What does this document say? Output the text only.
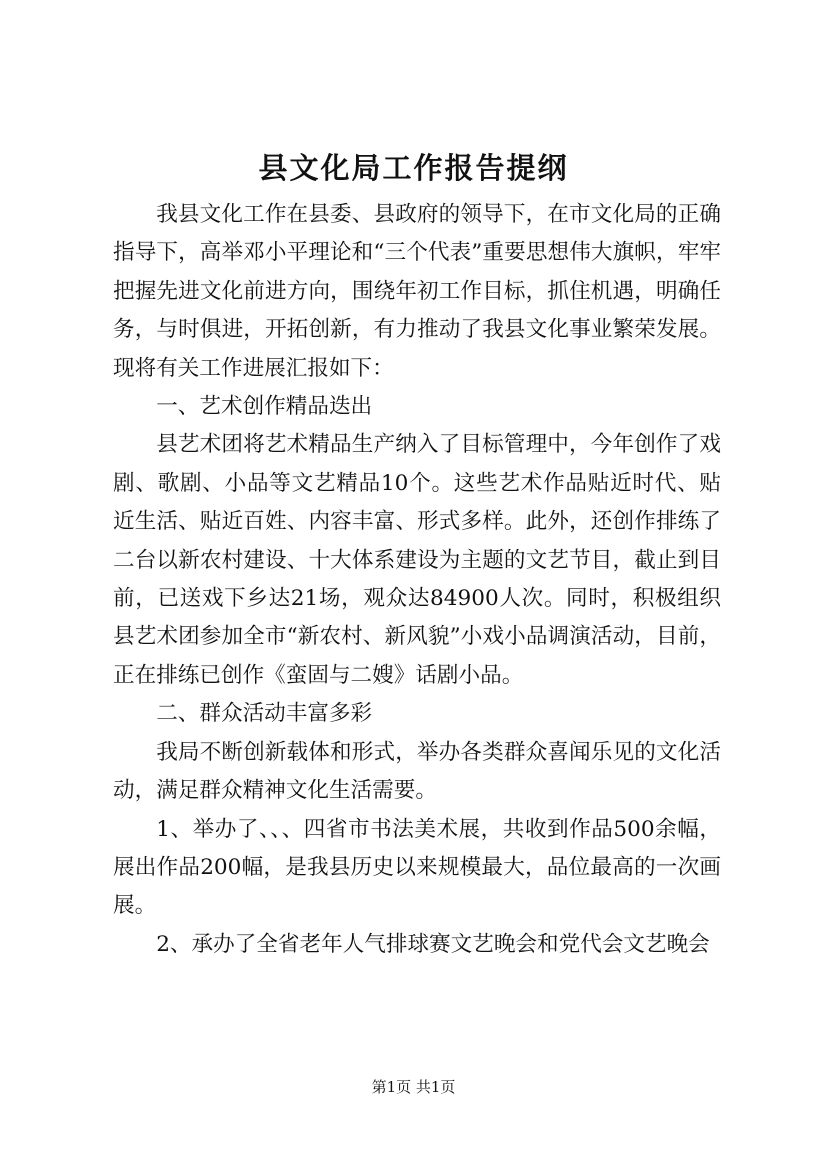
县文化局工作报告提纲

我县文化工作在县委、县政府的领导下，在市文化局的正确指导下，高举邓小平理论和“三个代表”重要思想伟大旗帜，牢牢把握先进文化前进方向，围绕年初工作目标，抓住机遇，明确任务，与时俱进，开拓创新，有力推动了我县文化事业繁荣发展。现将有关工作进展汇报如下：

一、艺术创作精品迭出

县艺术团将艺术精品生产纳入了目标管理中，今年创作了戏剧、歌剧、小品等文艺精品10个。这些艺术作品贴近时代、贴近生活、贴近百姓、内容丰富、形式多样。此外，还创作排练了二台以新农村建设、十大体系建设为主题的文艺节目，截止到目前，已送戏下乡达21场，观众达84900人次。同时，积极组织县艺术团参加全市“新农村、新风貌”小戏小品调演活动，目前，正在排练已创作《蛮固与二嫂》话剧小品。

二、群众活动丰富多彩

我局不断创新载体和形式，举办各类群众喜闻乐见的文化活动，满足群众精神文化生活需要。

1、举办了、、、四省市书法美术展，共收到作品500余幅，展出作品200幅，是我县历史以来规模最大，品位最高的一次画展。

2、承办了全省老年人气排球赛文艺晚会和党代会文艺晚会

第1页 共1页
